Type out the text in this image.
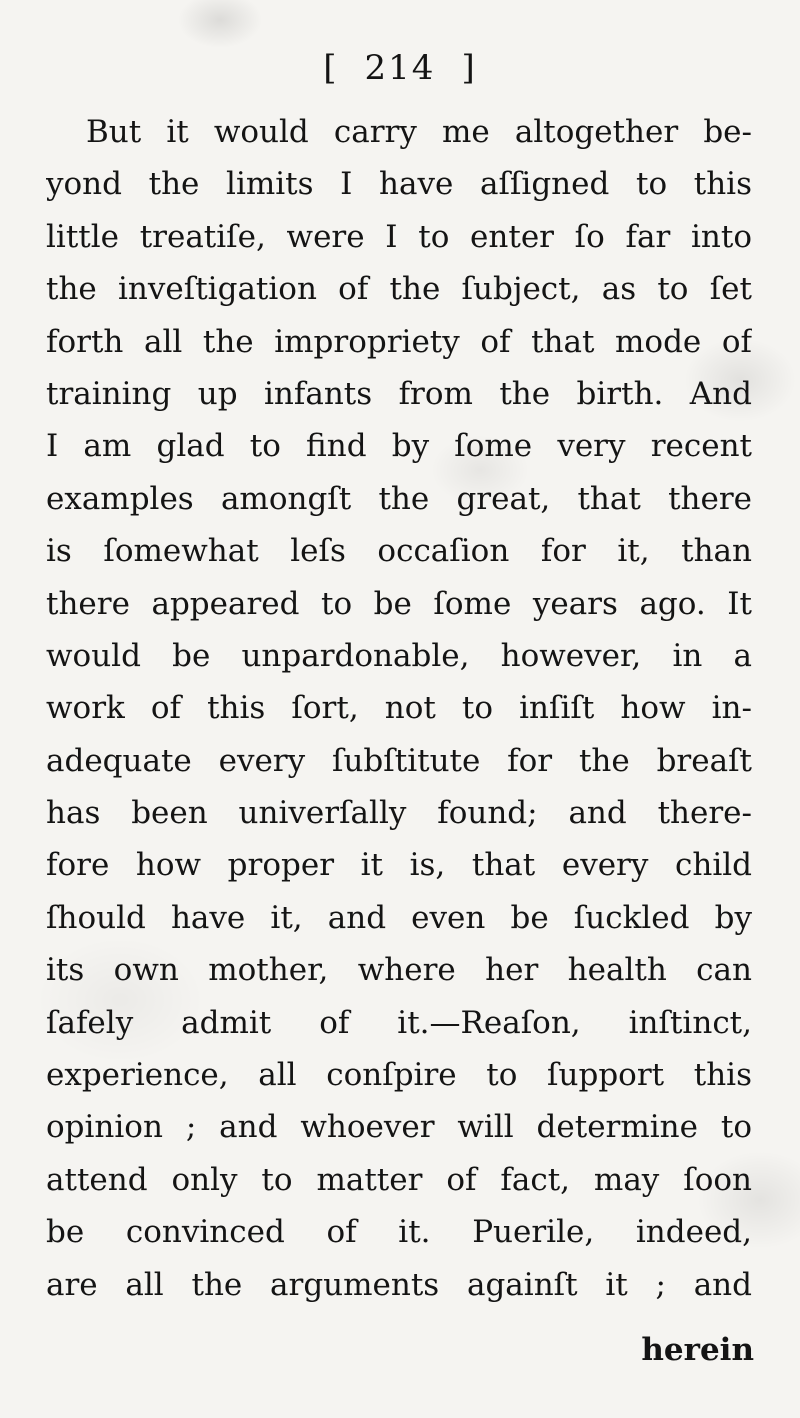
[ 214 ]
But it would carry me altogether be-
yond the limits I have aſſigned to this
little treatiſe, were I to enter ſo far into
the inveſtigation of the ſubject, as to ſet
forth all the impropriety of that mode of
training up infants from the birth. And
I am glad to find by ſome very recent
examples amongſt the great, that there
is ſomewhat leſs occaſion for it, than
there appeared to be ſome years ago. It
would be unpardonable, however, in a
work of this ſort, not to inſiſt how in-
adequate every ſubſtitute for the breaſt
has been univerſally found; and there-
fore how proper it is, that every child
ſhould have it, and even be ſuckled by
its own mother, where her health can
ſafely admit of it.—Reaſon, inſtinct,
experience, all conſpire to ſupport this
opinion ; and whoever will determine to
attend only to matter of fact, may ſoon
be convinced of it. Puerile, indeed,
are all the arguments againſt it ; and
herein
